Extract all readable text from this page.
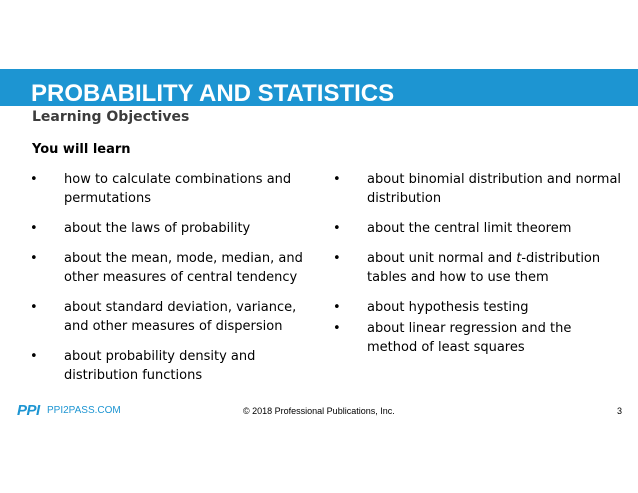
PROBABILITY AND STATISTICS
Learning Objectives
You will learn
• how to calculate combinations and permutations
• about the laws of probability
• about the mean, mode, median, and other measures of central tendency
• about standard deviation, variance, and other measures of dispersion
• about probability density and distribution functions
• about binomial distribution and normal distribution
• about the central limit theorem
• about unit normal and t-distribution tables and how to use them
• about hypothesis testing
• about linear regression and the method of least squares
PPI PPI2PASS.COM	© 2018 Professional Publications, Inc.	3
